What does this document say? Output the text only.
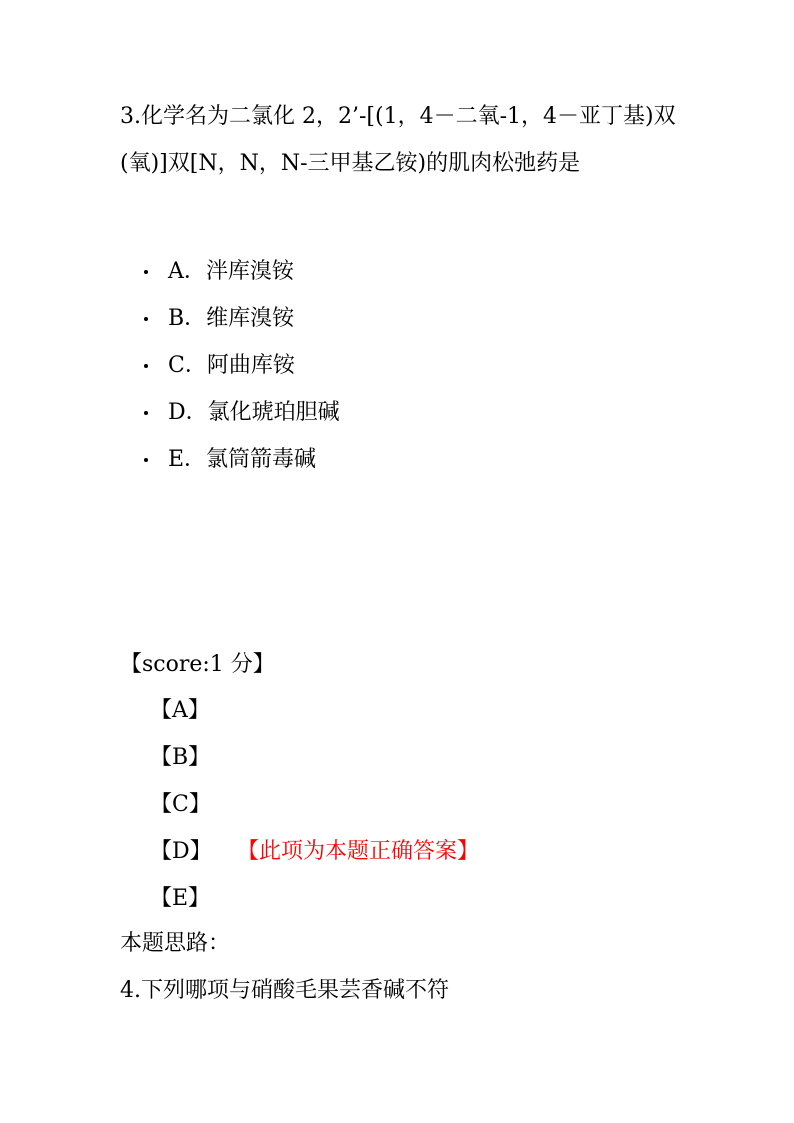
3.化学名为二氯化 2，2’-[(1，4－二氧-1，4－亚丁基)双(氧)]双[N，N，N-三甲基乙铵)的肌肉松弛药是
A．泮库溴铵
B．维库溴铵
C．阿曲库铵
D．氯化琥珀胆碱
E．氯筒箭毒碱
【score:1 分】
【A】
【B】
【C】
【D】 【此项为本题正确答案】
【E】
本题思路：
4.下列哪项与硝酸毛果芸香碱不符
